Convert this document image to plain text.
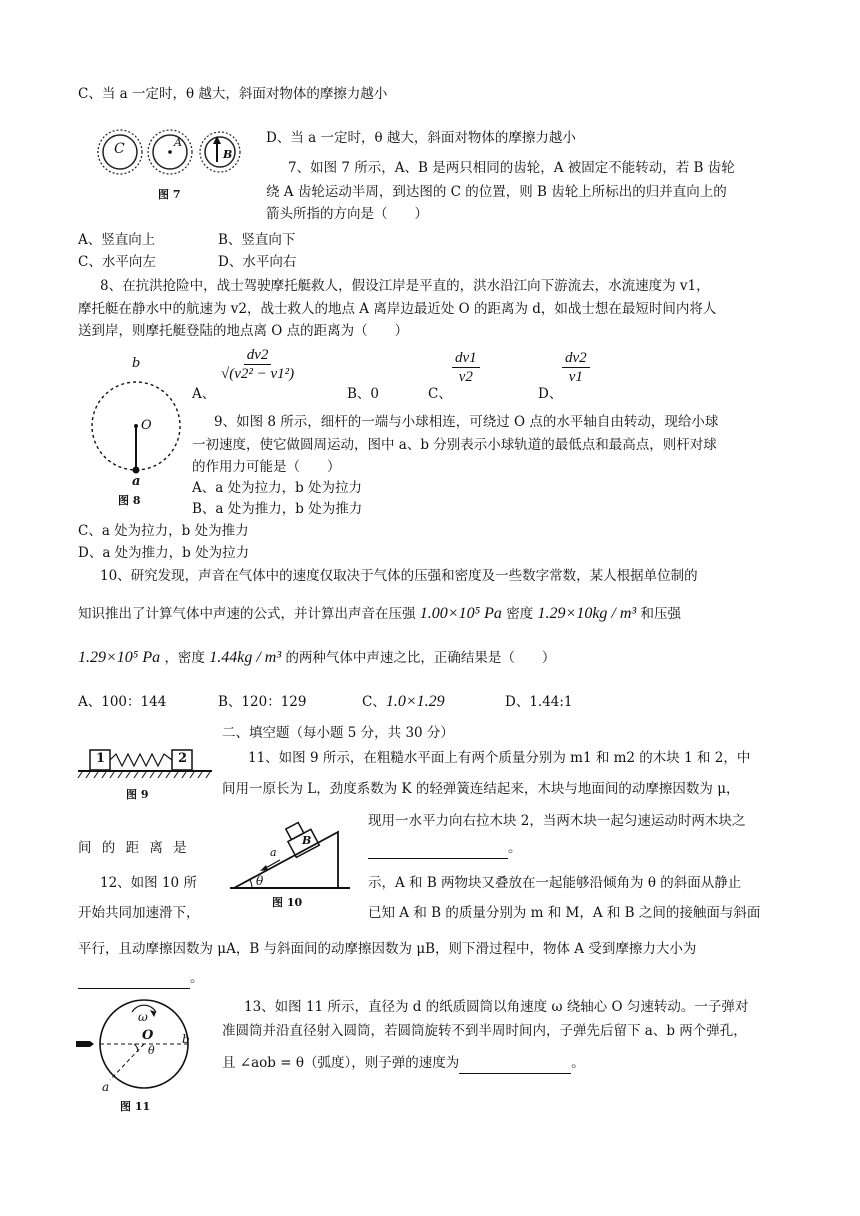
C、当 a 一定时，θ 越大，斜面对物体的摩擦力越小
C	A
B
图 7
D、当 a 一定时，θ 越大，斜面对物体的摩擦力越小
7、如图 7 所示，A、B 是两只相同的齿轮，A 被固定不能转动，若 B 齿轮
绕 A 齿轮运动半周，到达图的 C 的位置，则 B 齿轮上所标出的归并直向上的
箭头所指的方向是（　　）
A、竖直向上	B、竖直向下
C、水平向左	D、水平向右
8、在抗洪抢险中，战士驾驶摩托艇救人，假设江岸是平直的，洪水沿江向下游流去，水流速度为 v1，
摩托艇在静水中的航速为 v2，战士救人的地点 A 离岸边最近处 O 的距离为 d，如战士想在最短时间内将人
送到岸，则摩托艇登陆的地点离 O 点的距离为（　　）
A、
$\frac{dv2}{\text{√(v2² − v1²)}}$
B、0	C、
$\frac{dv1}{v2}$
D、
$\frac{dv2}{v1}$
b
O
a
图 8
9、如图 8 所示，细杆的一端与小球相连，可绕过 O 点的水平轴自由转动，现给小球
一初速度，使它做圆周运动，图中 a、b 分别表示小球轨道的最低点和最高点，则杆对球
的作用力可能是（　　）
A、a 处为拉力，b 处为拉力
B、a 处为推力，b 处为推力
C、a 处为拉力，b 处为推力
D、a 处为推力，b 处为拉力
10、研究发现，声音在气体中的速度仅取决于气体的压强和密度及一些数字常数，某人根据单位制的
知识推出了计算气体中声速的公式，并计算出声音在压强 1.00×10⁵ Pa 密度 1.29×10kg / m³ 和压强
1.29×10⁵ Pa ，密度 1.44kg / m³ 的两种气体中声速之比，正确结果是（　　）
A、100：144	B、120：129	C、1.0×1.29	D、1.44:1
二、填空题（每小题 5 分，共 30 分）
1	2
图 9
11、如图 9 所示，在粗糙水平面上有两个质量分别为 m1 和 m2 的木块 1 和 2，中
间用一原长为 L，劲度系数为 K 的轻弹簧连结起来，木块与地面间的动摩擦因数为 μ，
现用一水平力向右拉木块 2，当两木块一起匀速运动时两木块之
间 的 距 离 是	。
B
a
θ
图 10
12、如图 10 所	示，A 和 B 两物块又叠放在一起能够沿倾角为 θ 的斜面从静止
开始共同加速滑下，	已知 A 和 B 的质量分别为 m 和 M，A 和 B 之间的接触面与斜面
平行，且动摩擦因数为 μA，B 与斜面间的动摩擦因数为 μB，则下滑过程中，物体 A 受到摩擦力大小为
。
ω
O
θ
b
a
图 11
13、如图 11 所示，直径为 d 的纸质圆筒以角速度 ω 绕轴心 O 匀速转动。一子弹对
准圆筒并沿直径射入圆筒，若圆筒旋转不到半周时间内，子弹先后留下 a、b 两个弹孔，
且 ∠aob = θ（弧度），则子弹的速度为	。
